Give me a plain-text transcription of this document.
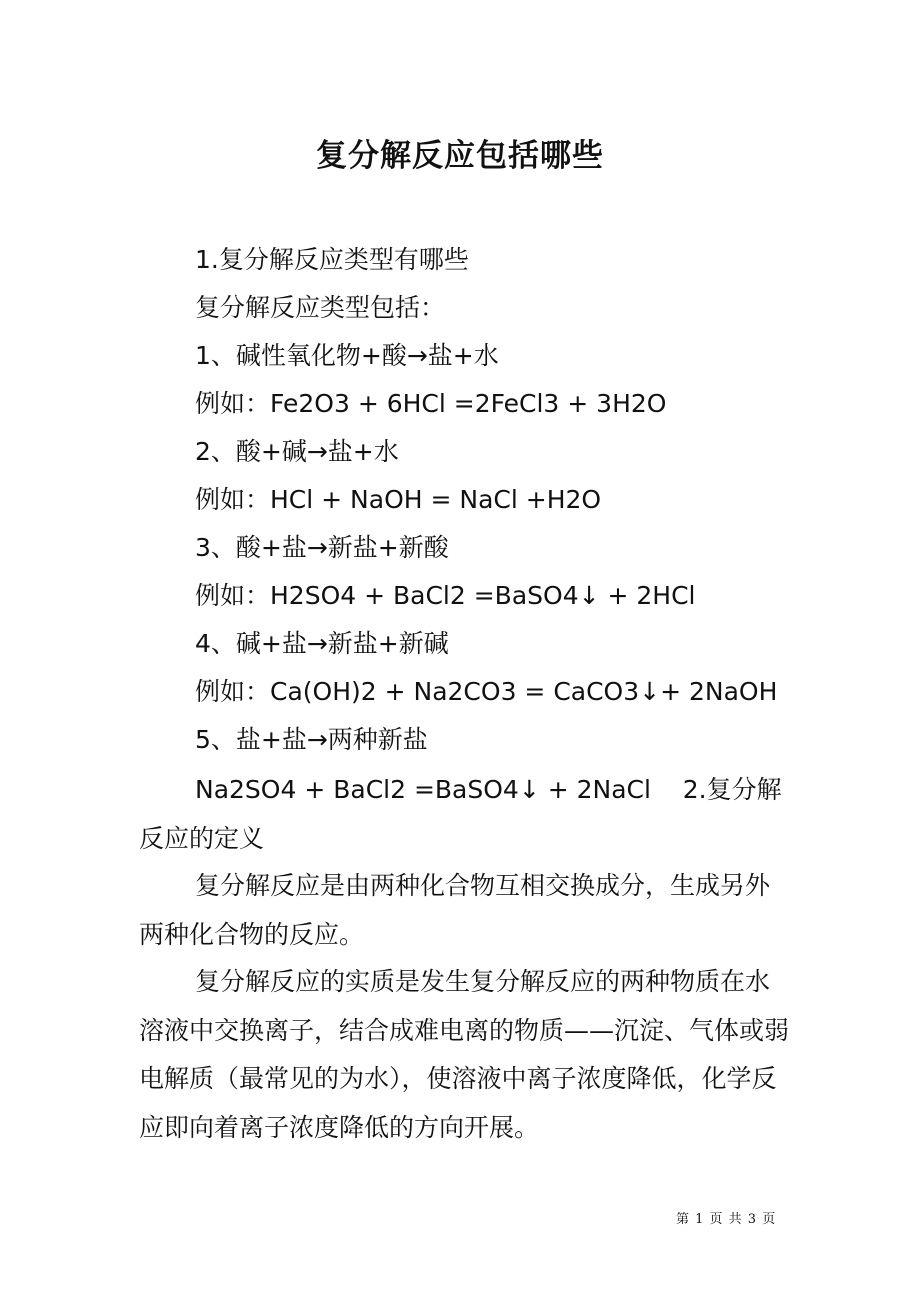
复分解反应包括哪些
1.复分解反应类型有哪些
复分解反应类型包括：
1、碱性氧化物+酸→盐+水
例如：Fe2O3 + 6HCl =2FeCl3 + 3H2O
2、酸+碱→盐+水
例如：HCl + NaOH = NaCl +H2O
3、酸+盐→新盐+新酸
例如：H2SO4 + BaCl2 =BaSO4↓ + 2HCl
4、碱+盐→新盐+新碱
例如：Ca(OH)2 + Na2CO3 = CaCO3↓+ 2NaOH
5、盐+盐→两种新盐
Na2SO4 + BaCl2 =BaSO4↓ + 2NaCl    2.复分解反应的定义
复分解反应是由两种化合物互相交换成分，生成另外两种化合物的反应。
复分解反应的实质是发生复分解反应的两种物质在水溶液中交换离子，结合成难电离的物质——沉淀、气体或弱电解质（最常见的为水），使溶液中离子浓度降低，化学反应即向着离子浓度降低的方向开展。
第 1 页 共 3 页
